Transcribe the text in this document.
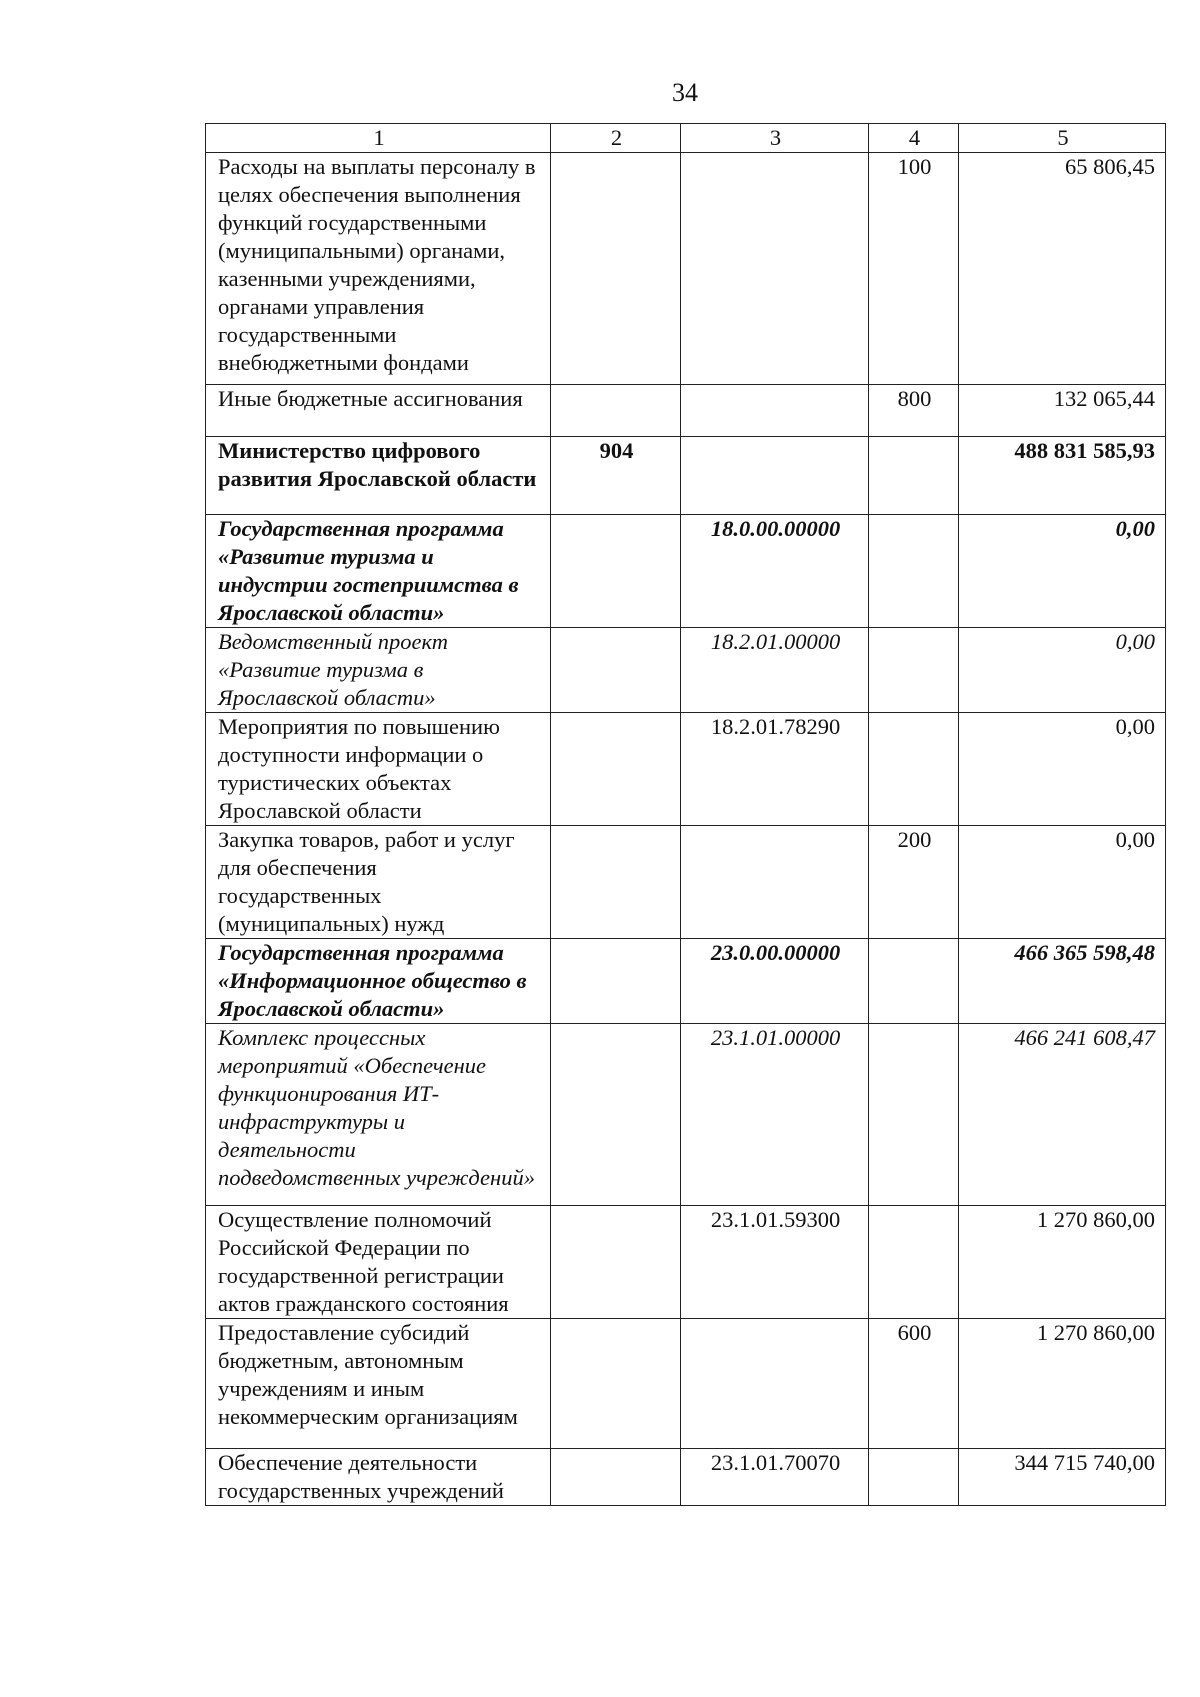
34
1	2	3	4	5
Расходы на выплаты персоналу в целях обеспечения выполнения функций государственными (муниципальными) органами, казенными учреждениями, органами управления государственными внебюджетными фондами			100	65 806,45
Иные бюджетные ассигнования			800	132 065,44
Министерство цифрового развития Ярославской области	904			488 831 585,93
Государственная программа «Развитие туризма и индустрии гостеприимства в Ярославской области»		18.0.00.00000		0,00
Ведомственный проект «Развитие туризма в Ярославской области»		18.2.01.00000		0,00
Мероприятия по повышению доступности информации о туристических объектах Ярославской области		18.2.01.78290		0,00
Закупка товаров, работ и услуг для обеспечения государственных (муниципальных) нужд			200	0,00
Государственная программа «Информационное общество в Ярославской области»		23.0.00.00000		466 365 598,48
Комплекс процессных мероприятий «Обеспечение функционирования ИТ-инфраструктуры и деятельности подведомственных учреждений»		23.1.01.00000		466 241 608,47
Осуществление полномочий Российской Федерации по государственной регистрации актов гражданского состояния		23.1.01.59300		1 270 860,00
Предоставление субсидий бюджетным, автономным учреждениям и иным некоммерческим организациям			600	1 270 860,00
Обеспечение деятельности государственных учреждений		23.1.01.70070		344 715 740,00
